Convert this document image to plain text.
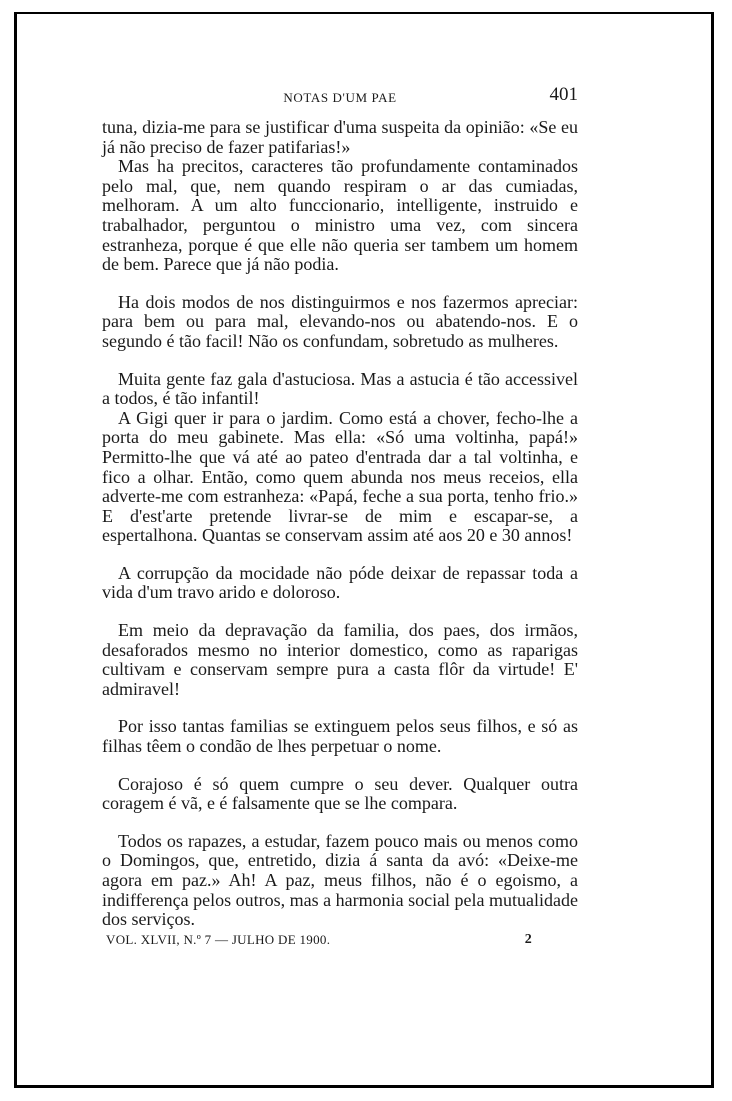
NOTAS D'UM PAE	401

tuna, dizia-me para se justificar d'uma suspeita da opinião: «Se eu já não preciso de fazer patifarias!»

Mas ha precitos, caracteres tão profundamente contaminados pelo mal, que, nem quando respiram o ar das cumiadas, melhoram. A um alto funccionario, intelligente, instruido e trabalhador, perguntou o ministro uma vez, com sincera estranheza, porque é que elle não queria ser tambem um homem de bem. Parece que já não podia.

Ha dois modos de nos distinguirmos e nos fazermos apreciar: para bem ou para mal, elevando-nos ou abatendo-nos. E o segundo é tão facil! Não os confundam, sobretudo as mulheres.

Muita gente faz gala d'astuciosa. Mas a astucia é tão accessivel a todos, é tão infantil!

A Gigi quer ir para o jardim. Como está a chover, fecho-lhe a porta do meu gabinete. Mas ella: «Só uma voltinha, papá!» Permitto-lhe que vá até ao pateo d'entrada dar a tal voltinha, e fico a olhar. Então, como quem abunda nos meus receios, ella adverte-me com estranheza: «Papá, feche a sua porta, tenho frio.» E d'est'arte pretende livrar-se de mim e escapar-se, a espertalhona. Quantas se conservam assim até aos 20 e 30 annos!

A corrupção da mocidade não póde deixar de repassar toda a vida d'um travo arido e doloroso.

Em meio da depravação da familia, dos paes, dos irmãos, desaforados mesmo no interior domestico, como as raparigas cultivam e conservam sempre pura a casta flôr da virtude! E' admiravel!

Por isso tantas familias se extinguem pelos seus filhos, e só as filhas têem o condão de lhes perpetuar o nome.

Corajoso é só quem cumpre o seu dever. Qualquer outra coragem é vã, e é falsamente que se lhe compara.

Todos os rapazes, a estudar, fazem pouco mais ou menos como o Domingos, que, entretido, dizia á santa da avó: «Deixe-me agora em paz.» Ah! A paz, meus filhos, não é o egoismo, a indifferença pelos outros, mas a harmonia social pela mutualidade dos serviços.

VOL. XLVII, N.º 7 — JULHO DE 1900.	2
